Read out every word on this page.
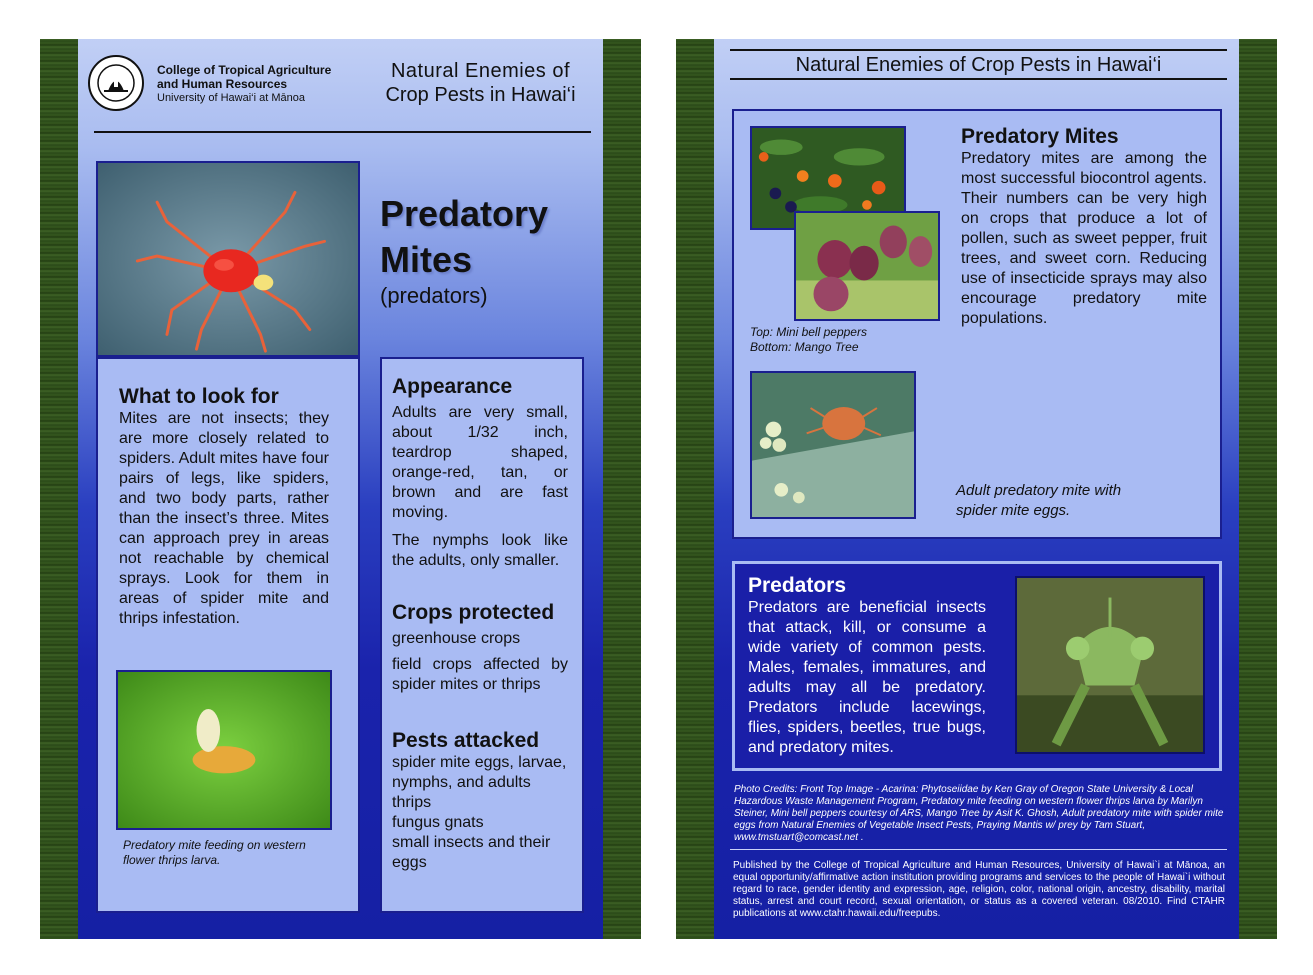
College of Tropical Agriculture
and Human Resources
University of Hawai‘i at Mānoa
Natural Enemies of
Crop Pests in Hawai‘i
Predatory
Mites
(predators)
What to look for
Mites are not insects; they are more closely related to spiders. Adult mites have four pairs of legs, like spiders, and two body parts, rather than the insect’s three. Mites can approach prey in areas not reachable by chemical sprays. Look for them in areas of spider mite and thrips infestation.
Predatory mite feeding on western flower thrips larva.
Appearance
Adults are very small, about 1/32 inch, teardrop shaped, orange-red, tan, or brown and are fast moving.
The nymphs look like the adults, only smaller.
Crops protected
greenhouse crops
field crops affected by spider mites or thrips
Pests attacked
spider mite eggs, larvae,
nymphs, and adults
thrips
fungus gnats
small insects and their
eggs
Natural Enemies of Crop Pests in Hawai‘i
Top: Mini bell peppers
Bottom: Mango Tree
Predatory Mites
Predatory mites are among the most successful biocontrol agents. Their numbers can be very high on crops that produce a lot of pollen, such as sweet pepper, fruit trees, and sweet corn. Reducing use of insecticide sprays may also encourage predatory mite populations.
Adult predatory mite with spider mite eggs.
Predators
Predators are beneficial insects that attack, kill, or consume a wide variety of common pests. Males, females, immatures, and adults may all be predatory. Predators include lacewings, flies, spiders, beetles, true bugs, and predatory mites.
Photo Credits: Front Top Image - Acarina: Phytoseiidae by Ken Gray of Oregon State University & Local Hazardous Waste Management Program, Predatory mite feeding on western flower thrips larva by Marilyn Steiner, Mini bell peppers courtesy of ARS, Mango Tree by Asit K. Ghosh, Adult predatory mite with spider mite eggs from Natural Enemies of Vegetable Insect Pests, Praying Mantis w/ prey by Tam Stuart, www.tmstuart@comcast.net .
Published by the College of Tropical Agriculture and Human Resources, University of Hawai`i at Mānoa, an equal opportunity/affirmative action institution providing programs and services to the people of Hawai`i without regard to race, gender identity and expression, age, religion, color, national origin, ancestry, disability, marital status, arrest and court record, sexual orientation, or status as a covered veteran. 08/2010. Find CTAHR publications at www.ctahr.hawaii.edu/freepubs.
